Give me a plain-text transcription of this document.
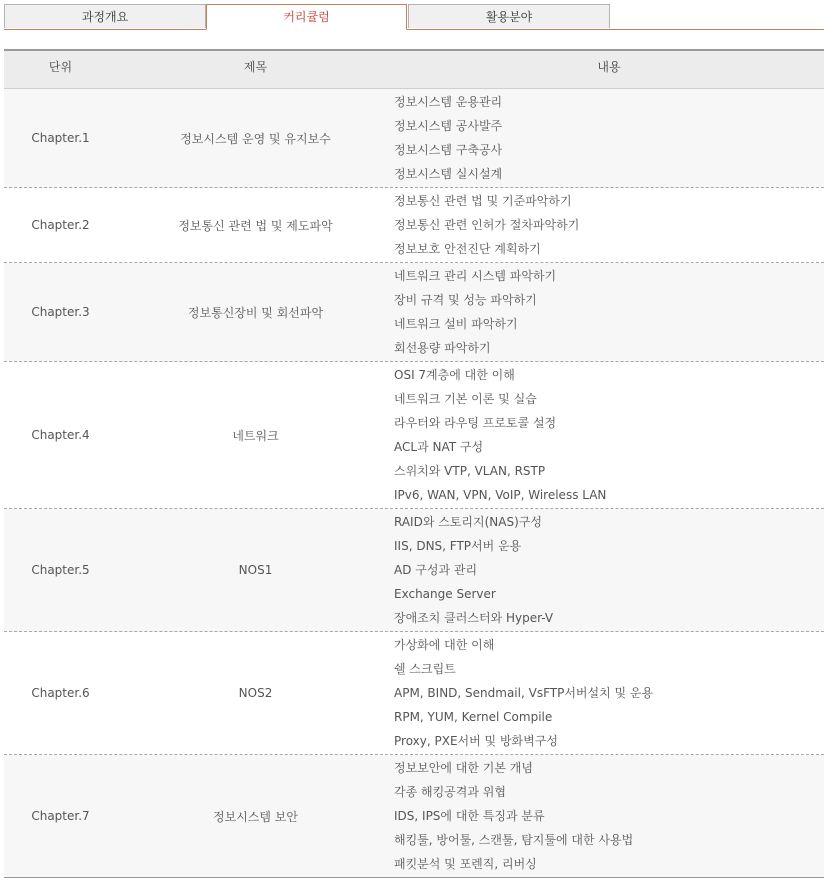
과정개요	커리큘럼	활용분야
단위	제목	내용
Chapter.1	정보시스템 운영 및 유지보수
정보시스템 운용관리
정보시스템 공사발주
정보시스템 구축공사
정보시스템 실시설계
Chapter.2	정보통신 관련 법 및 제도파악
정보통신 관련 법 및 기준파악하기
정보통신 관련 인허가 절차파악하기
정보보호 안전진단 계획하기
Chapter.3	정보통신장비 및 회선파악
네트워크 관리 시스템 파악하기
장비 규격 및 성능 파악하기
네트워크 설비 파악하기
회선용량 파악하기
Chapter.4	네트워크
OSI 7계층에 대한 이해
네트워크 기본 이론 및 실습
라우터와 라우팅 프로토콜 설정
ACL과 NAT 구성
스위치와 VTP, VLAN, RSTP
IPv6, WAN, VPN, VoIP, Wireless LAN
Chapter.5	NOS1
RAID와 스토리지(NAS)구성
IIS, DNS, FTP서버 운용
AD 구성과 관리
Exchange Server
장애조치 클러스터와 Hyper-V
Chapter.6	NOS2
가상화에 대한 이해
쉘 스크립트
APM, BIND, Sendmail, VsFTP서버설치 및 운용
RPM, YUM, Kernel Compile
Proxy, PXE서버 및 방화벽구성
Chapter.7	정보시스템 보안
정보보안에 대한 기본 개념
각종 해킹공격과 위협
IDS, IPS에 대한 특징과 분류
해킹툴, 방어툴, 스캔툴, 탐지툴에 대한 사용법
패킷분석 및 포렌직, 리버싱
